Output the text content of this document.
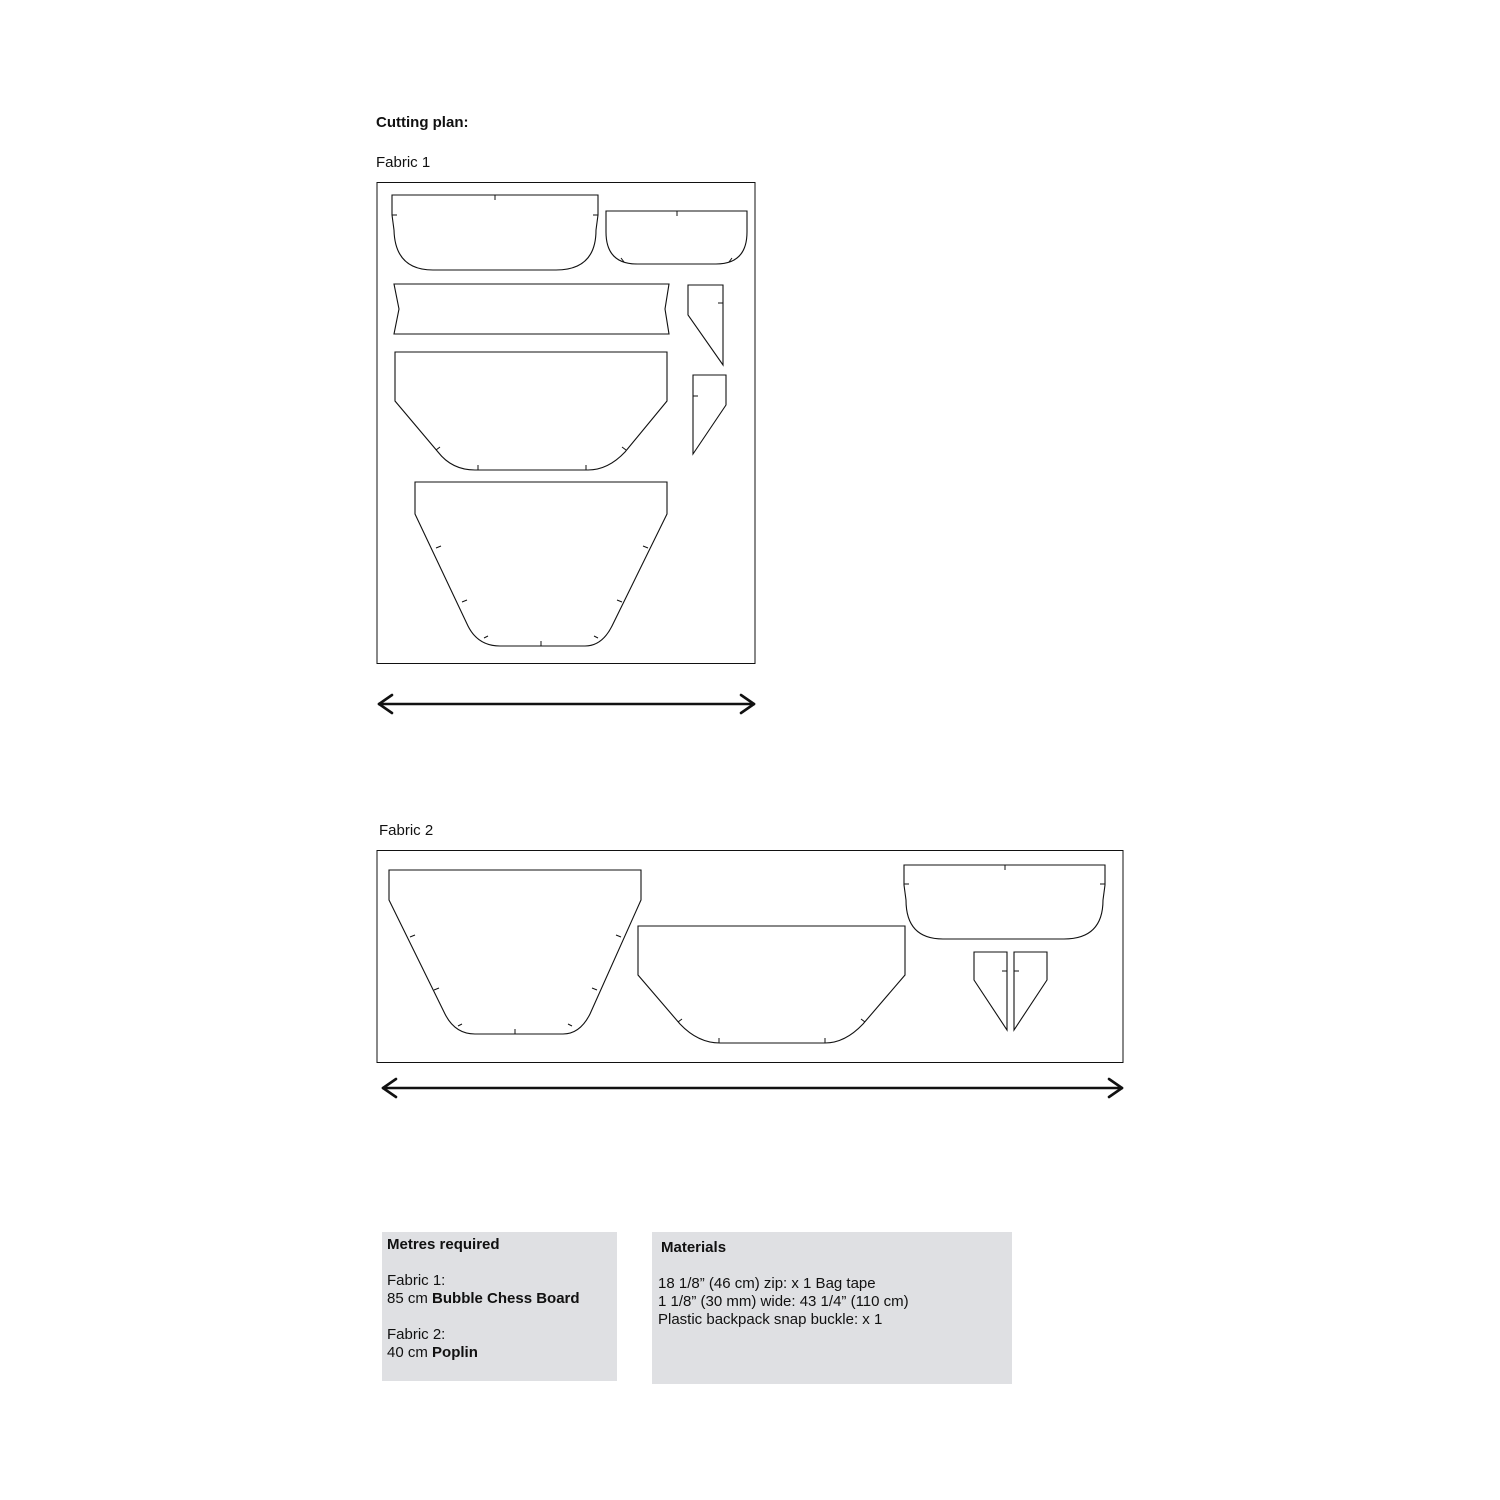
Cutting plan:
Fabric 1
Fabric 2
Metres required
Fabric 1:
85 cm Bubble Chess Board
Fabric 2:
40 cm Poplin
Materials
18 1/8” (46 cm) zip: x 1 Bag tape
1 1/8” (30 mm) wide: 43 1/4” (110 cm)
Plastic backpack snap buckle: x 1
